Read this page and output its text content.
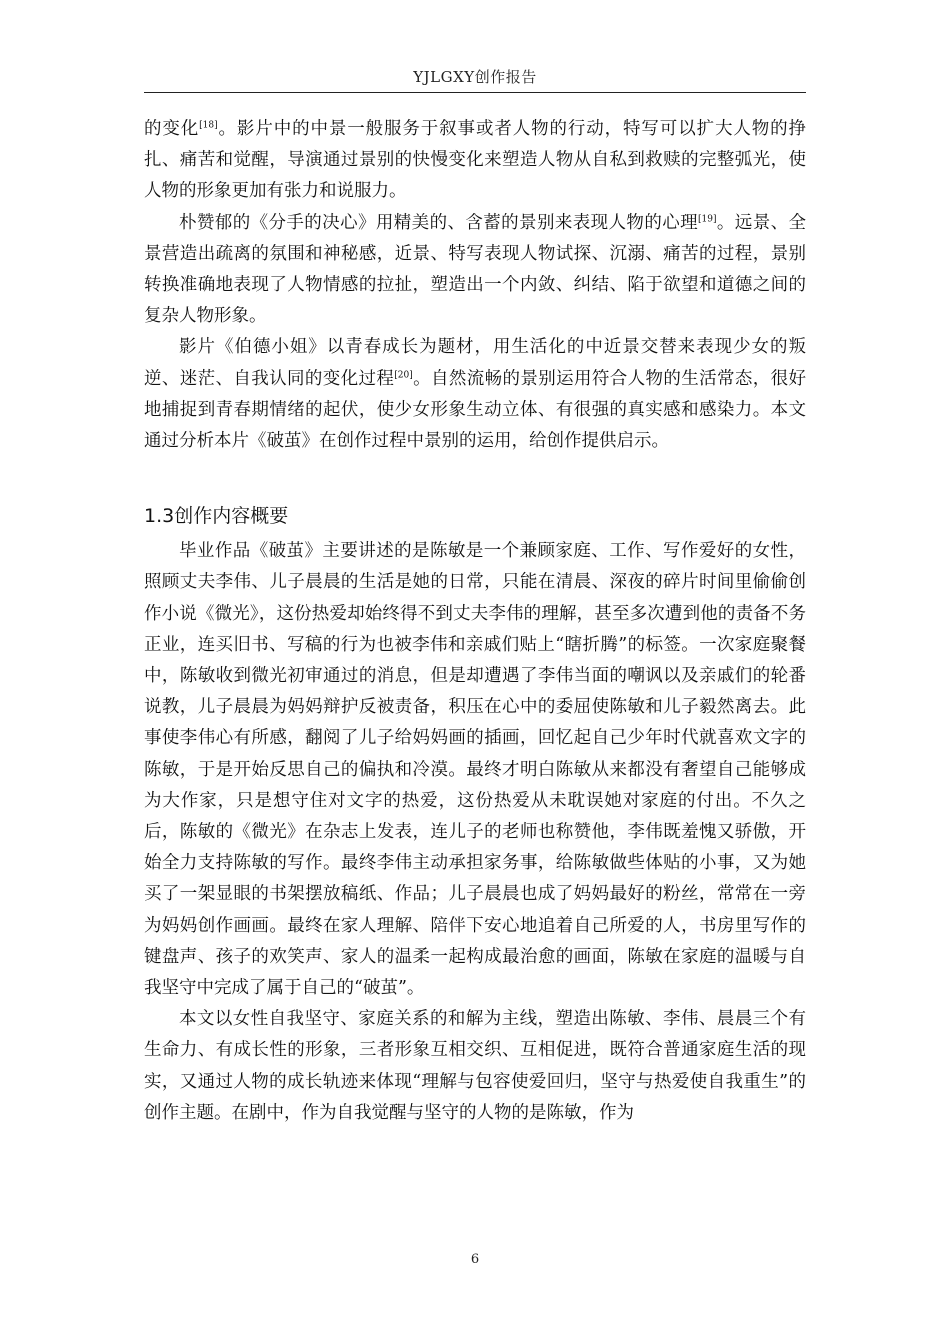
YJLGXY创作报告

的变化[18]。影片中的中景一般服务于叙事或者人物的行动，特写可以扩大人物的挣扎、痛苦和觉醒，导演通过景别的快慢变化来塑造人物从自私到救赎的完整弧光，使人物的形象更加有张力和说服力。

朴赞郁的《分手的决心》用精美的、含蓄的景别来表现人物的心理[19]。远景、全景营造出疏离的氛围和神秘感，近景、特写表现人物试探、沉溺、痛苦的过程，景别转换准确地表现了人物情感的拉扯，塑造出一个内敛、纠结、陷于欲望和道德之间的复杂人物形象。

影片《伯德小姐》以青春成长为题材，用生活化的中近景交替来表现少女的叛逆、迷茫、自我认同的变化过程[20]。自然流畅的景别运用符合人物的生活常态，很好地捕捉到青春期情绪的起伏，使少女形象生动立体、有很强的真实感和感染力。本文通过分析本片《破茧》在创作过程中景别的运用，给创作提供启示。

1.3创作内容概要

毕业作品《破茧》主要讲述的是陈敏是一个兼顾家庭、工作、写作爱好的女性，照顾丈夫李伟、儿子晨晨的生活是她的日常，只能在清晨、深夜的碎片时间里偷偷创作小说《微光》，这份热爱却始终得不到丈夫李伟的理解，甚至多次遭到他的责备不务正业，连买旧书、写稿的行为也被李伟和亲戚们贴上“瞎折腾”的标签。一次家庭聚餐中，陈敏收到微光初审通过的消息，但是却遭遇了李伟当面的嘲讽以及亲戚们的轮番说教，儿子晨晨为妈妈辩护反被责备，积压在心中的委屈使陈敏和儿子毅然离去。此事使李伟心有所感，翻阅了儿子给妈妈画的插画，回忆起自己少年时代就喜欢文字的陈敏，于是开始反思自己的偏执和冷漠。最终才明白陈敏从来都没有奢望自己能够成为大作家，只是想守住对文字的热爱，这份热爱从未耽误她对家庭的付出。不久之后，陈敏的《微光》在杂志上发表，连儿子的老师也称赞他，李伟既羞愧又骄傲，开始全力支持陈敏的写作。最终李伟主动承担家务事，给陈敏做些体贴的小事，又为她买了一架显眼的书架摆放稿纸、作品；儿子晨晨也成了妈妈最好的粉丝，常常在一旁为妈妈创作画画。最终在家人理解、陪伴下安心地追着自己所爱的人，书房里写作的键盘声、孩子的欢笑声、家人的温柔一起构成最治愈的画面，陈敏在家庭的温暖与自我坚守中完成了属于自己的“破茧”。

本文以女性自我坚守、家庭关系的和解为主线，塑造出陈敏、李伟、晨晨三个有生命力、有成长性的形象，三者形象互相交织、互相促进，既符合普通家庭生活的现实，又通过人物的成长轨迹来体现“理解与包容使爱回归，坚守与热爱使自我重生”的创作主题。在剧中，作为自我觉醒与坚守的人物的是陈敏，作为

6
